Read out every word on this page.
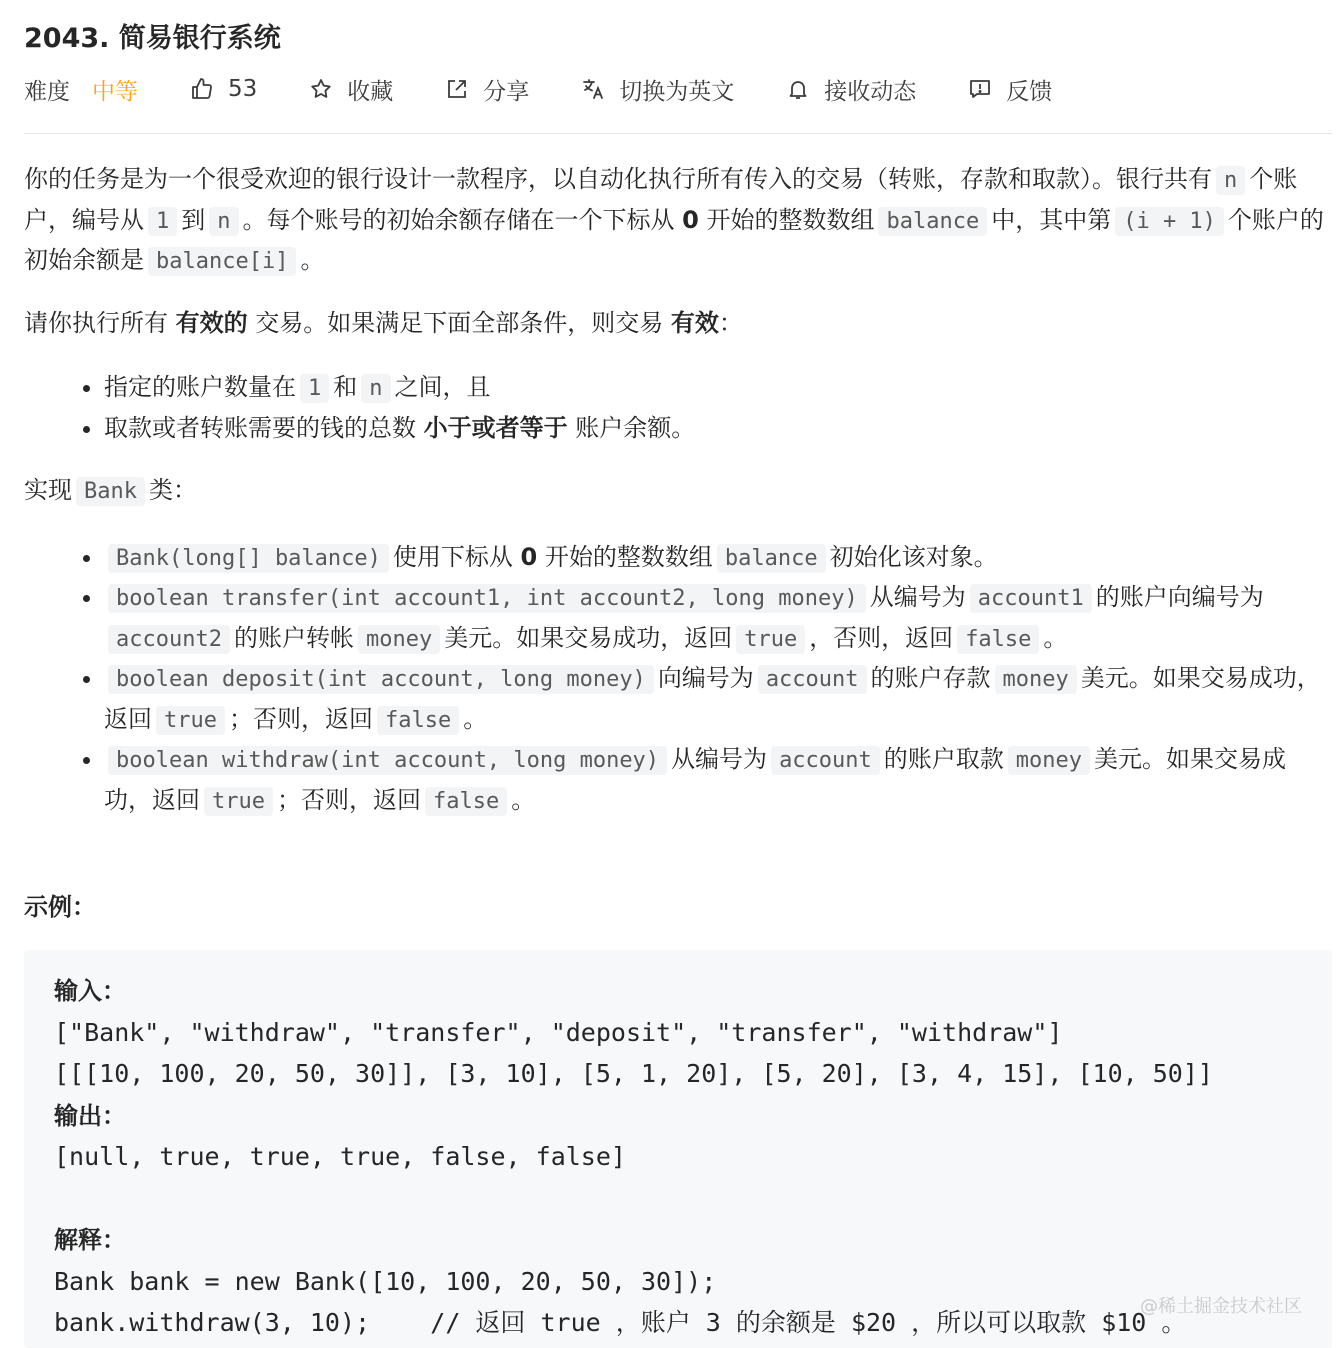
2043. 简易银行系统
难度 中等	53	收藏	分享	切换为英文	接收动态	反馈

你的任务是为一个很受欢迎的银行设计一款程序，以自动化执行所有传入的交易（转账，存款和取款）。银行共有 n 个账户，编号从 1 到 n 。每个账号的初始余额存储在一个下标从 0 开始的整数数组 balance 中，其中第 (i + 1) 个账户的初始余额是 balance[i] 。

请你执行所有 有效的 交易。如果满足下面全部条件，则交易 有效：

• 指定的账户数量在 1 和 n 之间，且
• 取款或者转账需要的钱的总数 小于或者等于 账户余额。

实现 Bank 类：

• Bank(long[] balance) 使用下标从 0 开始的整数数组 balance 初始化该对象。
• boolean transfer(int account1, int account2, long money) 从编号为 account1 的账户向编号为account2 的账户转帐 money 美元。如果交易成功，返回 true ，否则，返回 false 。
• boolean deposit(int account, long money) 向编号为 account 的账户存款 money 美元。如果交易成功，返回 true ；否则，返回 false 。
• boolean withdraw(int account, long money) 从编号为 account 的账户取款 money 美元。如果交易成功，返回 true ；否则，返回 false 。
示例：
输入：
["Bank", "withdraw", "transfer", "deposit", "transfer", "withdraw"]
[[[10, 100, 20, 50, 30]], [3, 10], [5, 1, 20], [5, 20], [3, 4, 15], [10, 50]]
输出：
[null, true, true, true, false, false]
解释：
Bank bank = new Bank([10, 100, 20, 50, 30]);
bank.withdraw(3, 10);    // 返回 true ，账户 3 的余额是 $20 ，所以可以取款 $10 。
@稀土掘金技术社区
